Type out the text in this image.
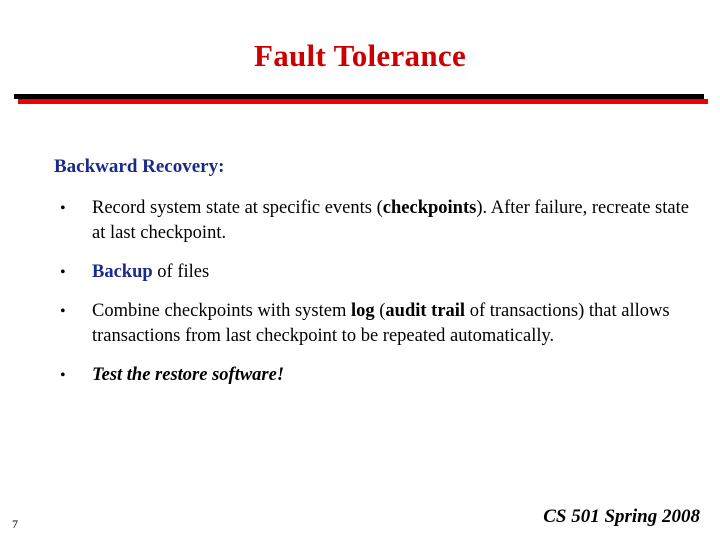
Fault Tolerance
Backward Recovery:
•	Record system state at specific events (checkpoints). After failure, recreate state at last checkpoint.
•	Backup of files
•	Combine checkpoints with system log (audit trail of transactions) that allows transactions from last checkpoint to be repeated automatically.
•	Test the restore software!
7	CS 501 Spring 2008
